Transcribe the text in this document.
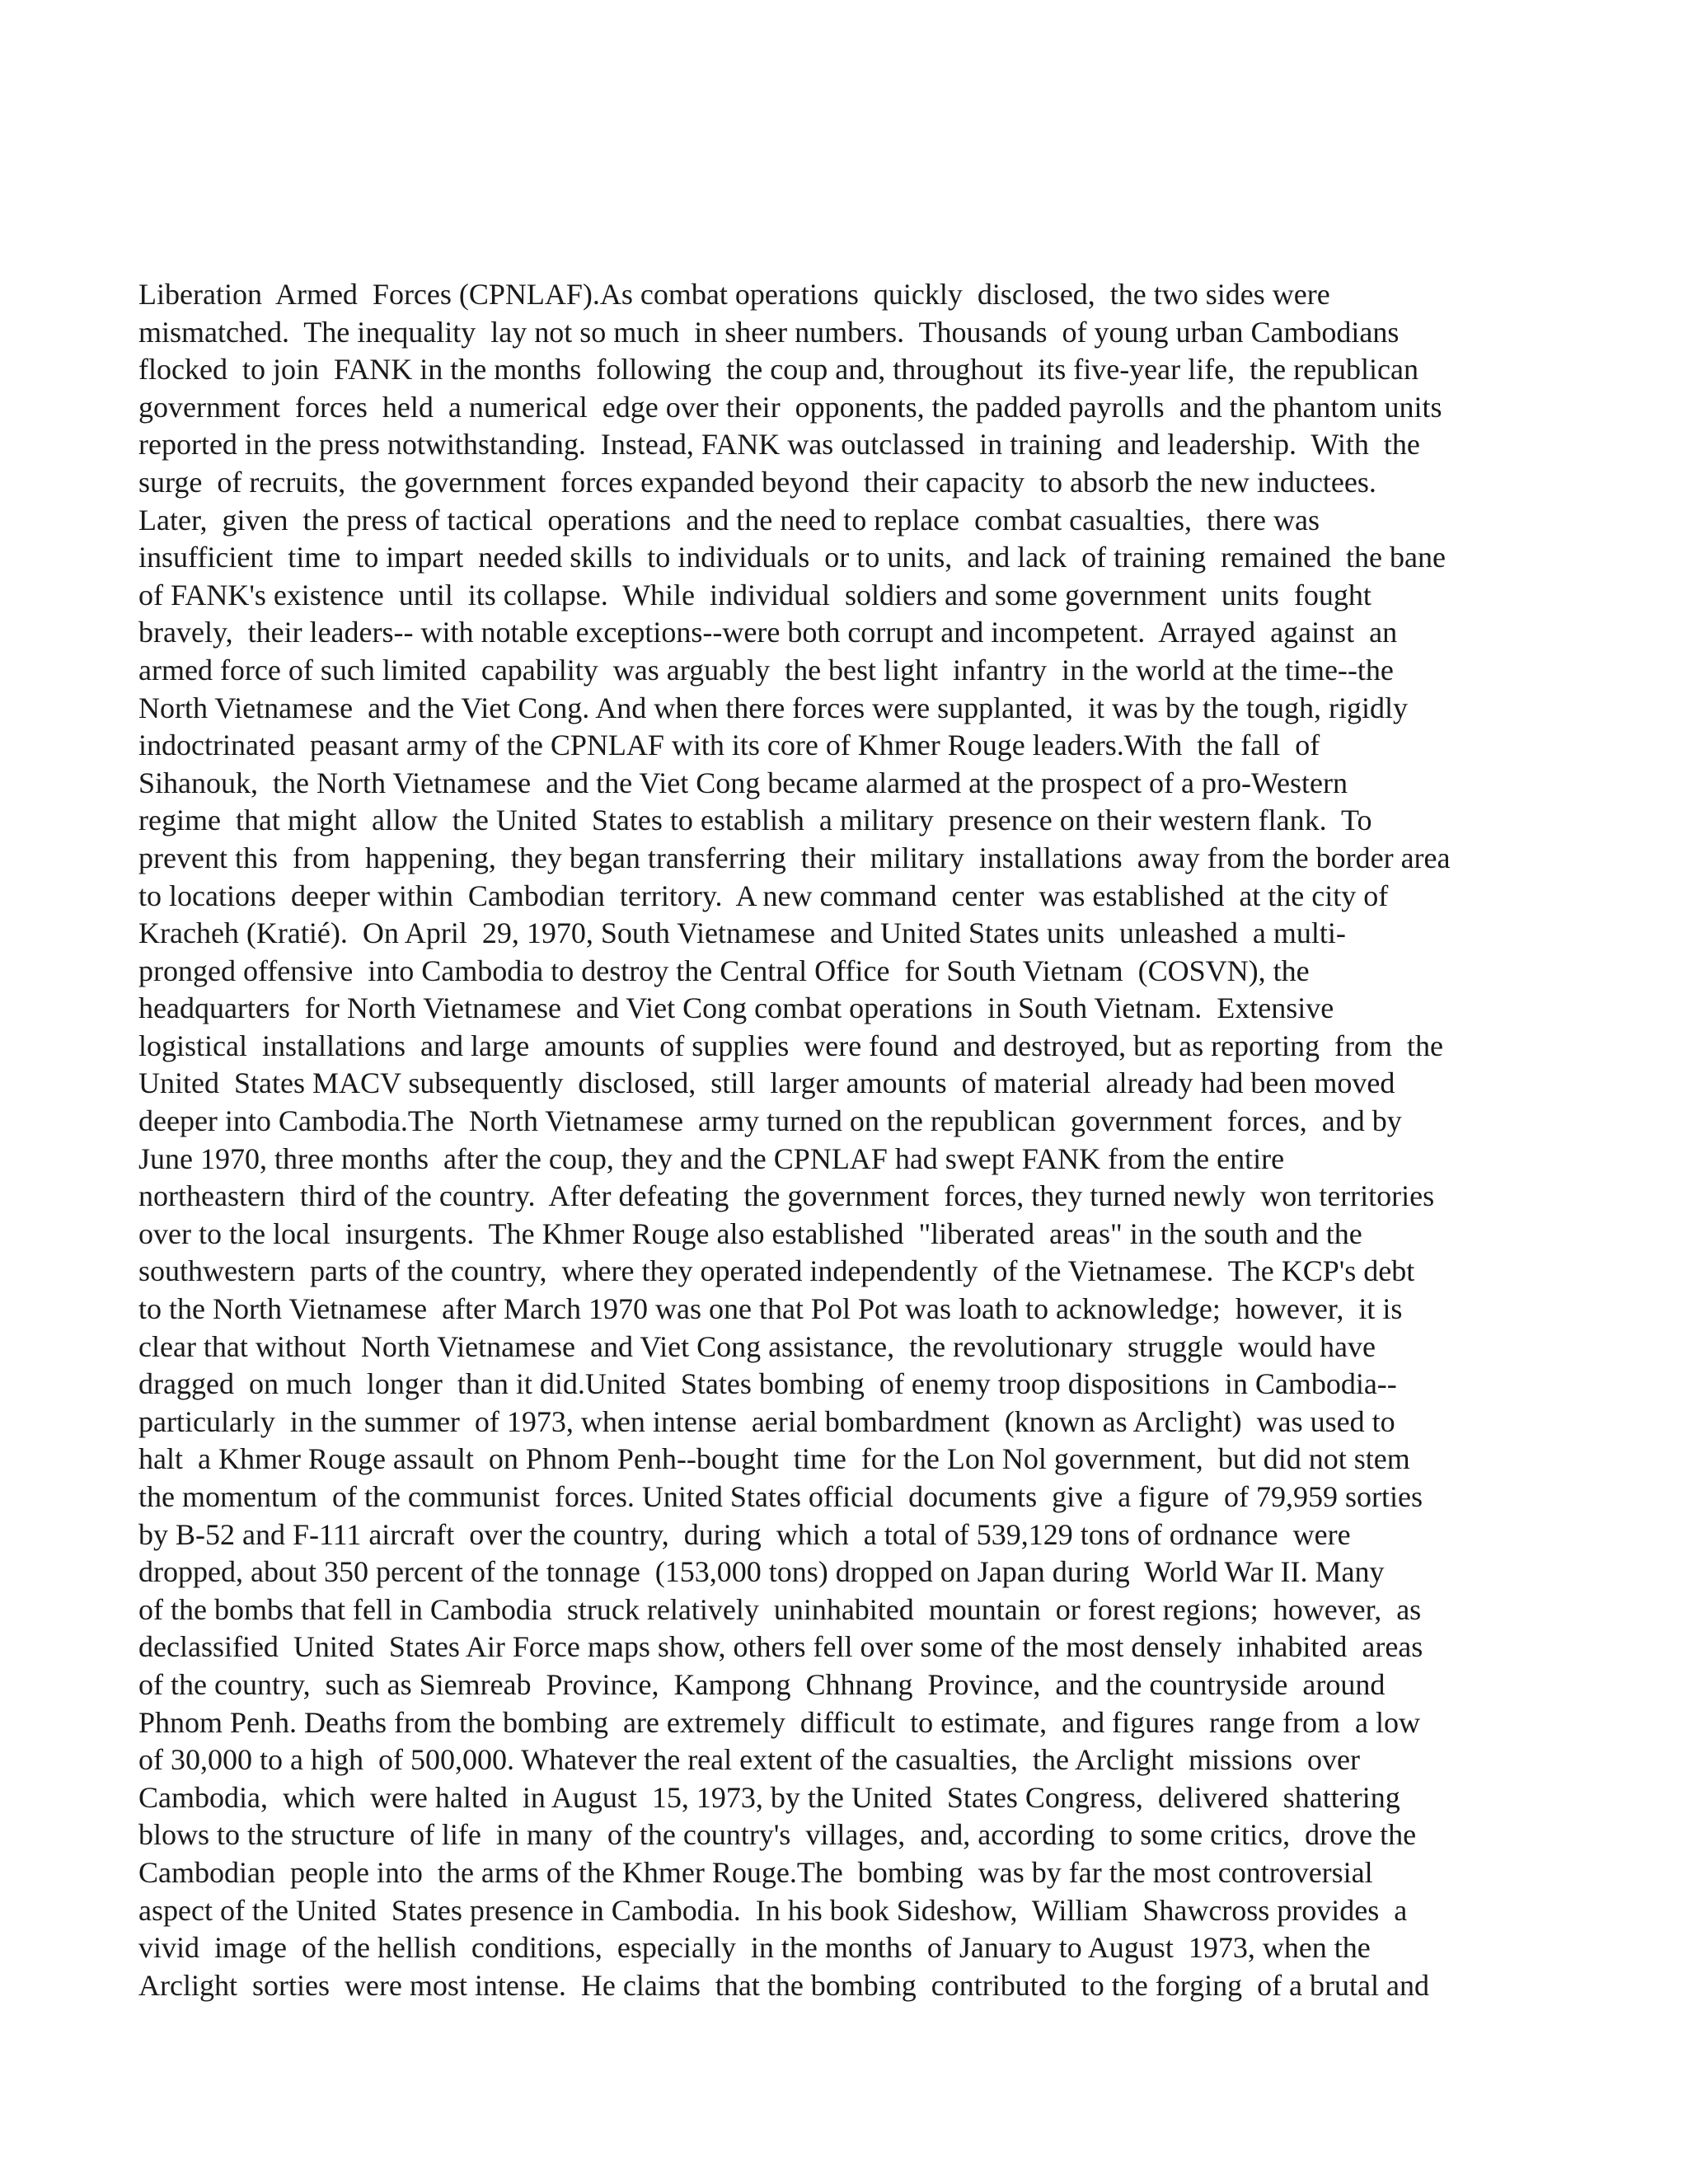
Liberation  Armed  Forces (CPNLAF).As combat operations  quickly  disclosed,  the two sides were
mismatched.  The inequality  lay not so much  in sheer numbers.  Thousands  of young urban Cambodians
flocked  to join  FANK in the months  following  the coup and, throughout  its five-year life,  the republican
government  forces  held  a numerical  edge over their  opponents, the padded payrolls  and the phantom units
reported in the press notwithstanding.  Instead, FANK was outclassed  in training  and leadership.  With  the
surge  of recruits,  the government  forces expanded beyond  their capacity  to absorb the new inductees.
Later,  given  the press of tactical  operations  and the need to replace  combat casualties,  there was
insufficient  time  to impart  needed skills  to individuals  or to units,  and lack  of training  remained  the bane
of FANK's existence  until  its collapse.  While  individual  soldiers and some government  units  fought
bravely,  their leaders-- with notable exceptions--were both corrupt and incompetent.  Arrayed  against  an
armed force of such limited  capability  was arguably  the best light  infantry  in the world at the time--the
North Vietnamese  and the Viet Cong. And when there forces were supplanted,  it was by the tough, rigidly
indoctrinated  peasant army of the CPNLAF with its core of Khmer Rouge leaders.With  the fall  of
Sihanouk,  the North Vietnamese  and the Viet Cong became alarmed at the prospect of a pro-Western
regime  that might  allow  the United  States to establish  a military  presence on their western flank.  To
prevent this  from  happening,  they began transferring  their  military  installations  away from the border area
to locations  deeper within  Cambodian  territory.  A new command  center  was established  at the city of
Kracheh (Kratié).  On April  29, 1970, South Vietnamese  and United States units  unleashed  a multi-
pronged offensive  into Cambodia to destroy the Central Office  for South Vietnam  (COSVN), the
headquarters  for North Vietnamese  and Viet Cong combat operations  in South Vietnam.  Extensive
logistical  installations  and large  amounts  of supplies  were found  and destroyed, but as reporting  from  the
United  States MACV subsequently  disclosed,  still  larger amounts  of material  already had been moved
deeper into Cambodia.The  North Vietnamese  army turned on the republican  government  forces,  and by
June 1970, three months  after the coup, they and the CPNLAF had swept FANK from the entire
northeastern  third of the country.  After defeating  the government  forces, they turned newly  won territories
over to the local  insurgents.  The Khmer Rouge also established  "liberated  areas" in the south and the
southwestern  parts of the country,  where they operated independently  of the Vietnamese.  The KCP's debt
to the North Vietnamese  after March 1970 was one that Pol Pot was loath to acknowledge;  however,  it is
clear that without  North Vietnamese  and Viet Cong assistance,  the revolutionary  struggle  would have
dragged  on much  longer  than it did.United  States bombing  of enemy troop dispositions  in Cambodia--
particularly  in the summer  of 1973, when intense  aerial bombardment  (known as Arclight)  was used to
halt  a Khmer Rouge assault  on Phnom Penh--bought  time  for the Lon Nol government,  but did not stem
the momentum  of the communist  forces. United States official  documents  give  a figure  of 79,959 sorties
by B-52 and F-111 aircraft  over the country,  during  which  a total of 539,129 tons of ordnance  were
dropped, about 350 percent of the tonnage  (153,000 tons) dropped on Japan during  World War II. Many
of the bombs that fell in Cambodia  struck relatively  uninhabited  mountain  or forest regions;  however,  as
declassified  United  States Air Force maps show, others fell over some of the most densely  inhabited  areas
of the country,  such as Siemreab  Province,  Kampong  Chhnang  Province,  and the countryside  around
Phnom Penh. Deaths from the bombing  are extremely  difficult  to estimate,  and figures  range from  a low
of 30,000 to a high  of 500,000. Whatever the real extent of the casualties,  the Arclight  missions  over
Cambodia,  which  were halted  in August  15, 1973, by the United  States Congress,  delivered  shattering
blows to the structure  of life  in many  of the country's  villages,  and, according  to some critics,  drove the
Cambodian  people into  the arms of the Khmer Rouge.The  bombing  was by far the most controversial
aspect of the United  States presence in Cambodia.  In his book Sideshow,  William  Shawcross provides  a
vivid  image  of the hellish  conditions,  especially  in the months  of January to August  1973, when the
Arclight  sorties  were most intense.  He claims  that the bombing  contributed  to the forging  of a brutal and
